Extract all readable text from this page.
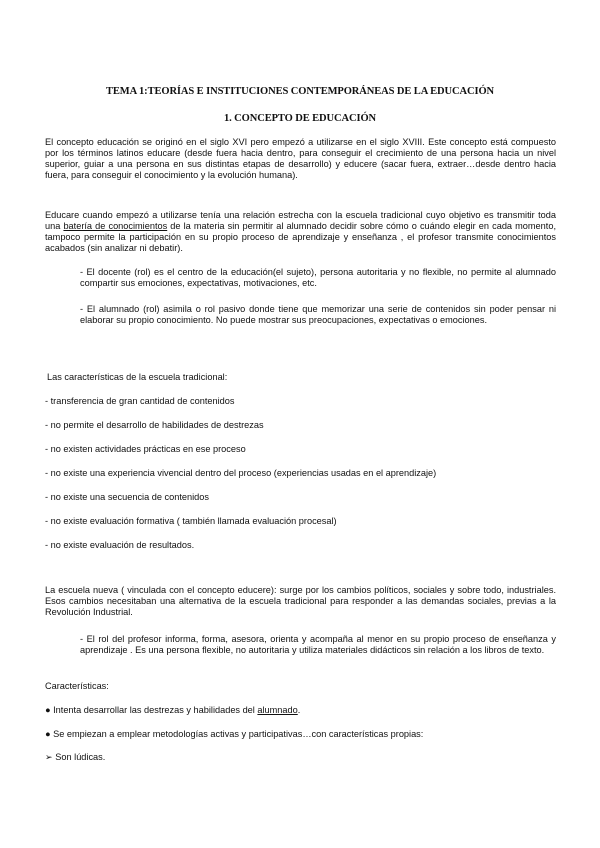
TEMA 1:TEORÍAS E INSTITUCIONES CONTEMPORÁNEAS DE LA EDUCACIÓN
1. CONCEPTO DE EDUCACIÓN

El concepto educación se originó en el siglo XVI pero empezó a utilizarse en el siglo XVIII. Este concepto está compuesto por los términos latinos educare (desde fuera hacia dentro, para conseguir el crecimiento de una persona hacia un nivel superior, guiar a una persona en sus distintas etapas de desarrollo) y educere (sacar fuera, extraer…desde dentro hacia fuera, para conseguir el conocimiento y la evolución humana).

Educare cuando empezó a utilizarse tenía una relación estrecha con la escuela tradicional cuyo objetivo es transmitir toda una batería de conocimientos de la materia sin permitir al alumnado decidir sobre cómo o cuándo elegir en cada momento, tampoco permite la participación en su propio proceso de aprendizaje y enseñanza , el profesor transmite conocimientos acabados (sin analizar ni debatir).

- El docente (rol) es el centro de la educación(el sujeto), persona autoritaria y no flexible, no permite al alumnado compartir sus emociones, expectativas, motivaciones, etc.

- El alumnado (rol) asimila o rol pasivo donde tiene que memorizar una serie de contenidos sin poder pensar ni elaborar su propio conocimiento. No puede mostrar sus preocupaciones, expectativas o emociones.

Las características de la escuela tradicional:
- transferencia de gran cantidad de contenidos
- no permite el desarrollo de habilidades de destrezas
- no existen actividades prácticas en ese proceso
- no existe una experiencia vivencial dentro del proceso (experiencias usadas en el aprendizaje)
- no existe una secuencia de contenidos
- no existe evaluación formativa ( también llamada evaluación procesal)
- no existe evaluación de resultados.

La escuela nueva ( vinculada con el concepto educere): surge por los cambios políticos, sociales y sobre todo, industriales. Esos cambios necesitaban una alternativa de la escuela tradicional para responder a las demandas sociales, previas a la Revolución Industrial.

- El rol del profesor informa, forma, asesora, orienta y acompaña al menor en su propio proceso de enseñanza y aprendizaje . Es una persona flexible, no autoritaria y utiliza materiales didácticos sin relación a los libros de texto.

Características:
● Intenta desarrollar las destrezas y habilidades del alumnado.
● Se empiezan a emplear metodologías activas y participativas…con características propias:
➢ Son lúdicas.
